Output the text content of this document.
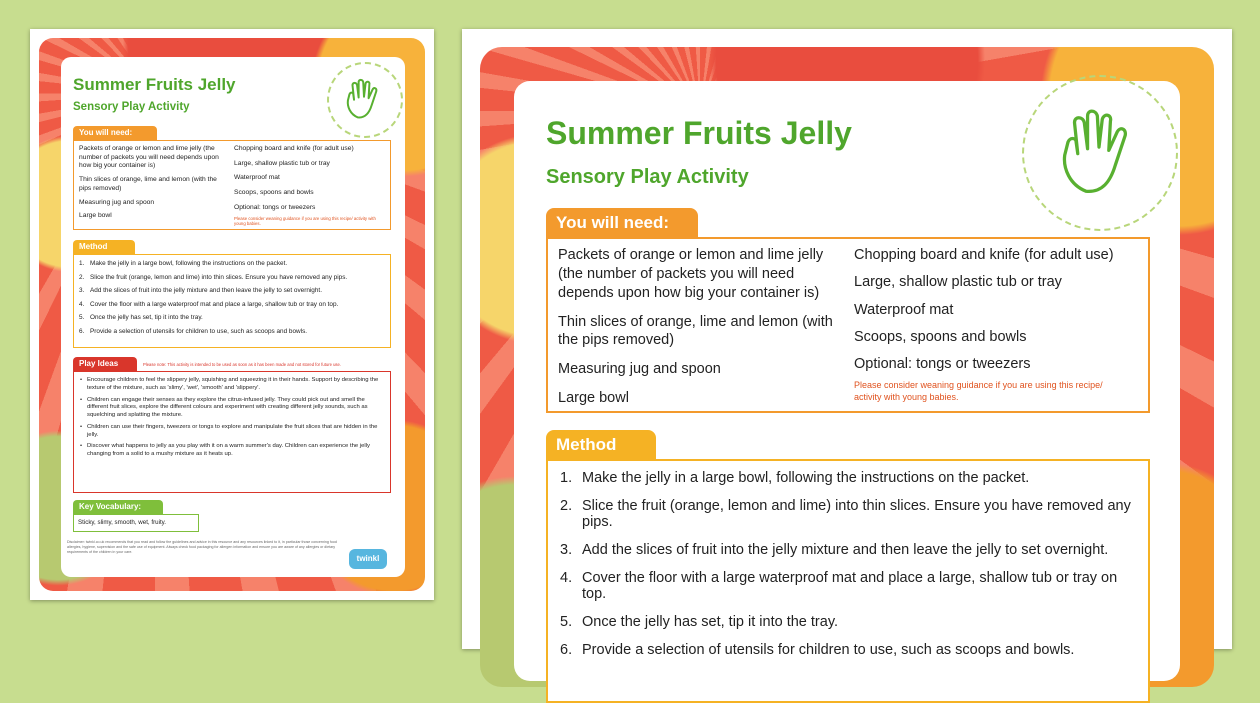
Summer Fruits Jelly
Sensory Play Activity
You will need:
Packets of orange or lemon and lime jelly (the number of packets you will need depends upon how big your container is)
Thin slices of orange, lime and lemon (with the pips removed)
Measuring jug and spoon
Large bowl
Chopping board and knife (for adult use)
Large, shallow plastic tub or tray
Waterproof mat
Scoops, spoons and bowls
Optional: tongs or tweezers
Please consider weaning guidance if you are using this recipe/ activity with young babies.
Method
1. Make the jelly in a large bowl, following the instructions on the packet.
2. Slice the fruit (orange, lemon and lime) into thin slices. Ensure you have removed any pips.
3. Add the slices of fruit into the jelly mixture and then leave the jelly to set overnight.
4. Cover the floor with a large waterproof mat and place a large, shallow tub or tray on top.
5. Once the jelly has set, tip it into the tray.
6. Provide a selection of utensils for children to use, such as scoops and bowls.
Play Ideas	Please note: This activity is intended to be used as soon as it has been made and not stored for future use.
• Encourage children to feel the slippery jelly, squishing and squeezing it in their hands. Support by describing the texture of the mixture, such as 'slimy', 'wet', 'smooth' and 'slippery'.
• Children can engage their senses as they explore the citrus-infused jelly. They could pick out and smell the different fruit slices, explore the different colours and experiment with creating different jelly sounds, such as squelching and splatting the mixture.
• Children can use their fingers, tweezers or tongs to explore and manipulate the fruit slices that are hidden in the jelly.
• Discover what happens to jelly as you play with it on a warm summer's day. Children can experience the jelly changing from a solid to a mushy mixture as it heats up.
Key Vocabulary:
Sticky, slimy, smooth, wet, fruity.
Disclaimer: twinkl.co.uk recommends that you read and follow the guidelines and advice in this resource and any resources linked to it, in particular those concerning food allergies, hygiene, supervision and the safe use of equipment. Always check food packaging for allergen information and ensure you are aware of any allergies or dietary requirements of the children in your care.
twinkl
Summer Fruits Jelly
Sensory Play Activity
You will need:
Packets of orange or lemon and lime jelly (the number of packets you will need depends upon how big your container is)
Thin slices of orange, lime and lemon (with the pips removed)
Measuring jug and spoon
Large bowl
Chopping board and knife (for adult use)
Large, shallow plastic tub or tray
Waterproof mat
Scoops, spoons and bowls
Optional: tongs or tweezers
Please consider weaning guidance if you are using this recipe/ activity with young babies.
Method
1. Make the jelly in a large bowl, following the instructions on the packet.
2. Slice the fruit (orange, lemon and lime) into thin slices. Ensure you have removed any pips.
3. Add the slices of fruit into the jelly mixture and then leave the jelly to set overnight.
4. Cover the floor with a large waterproof mat and place a large, shallow tub or tray on top.
5. Once the jelly has set, tip it into the tray.
6. Provide a selection of utensils for children to use, such as scoops and bowls.
